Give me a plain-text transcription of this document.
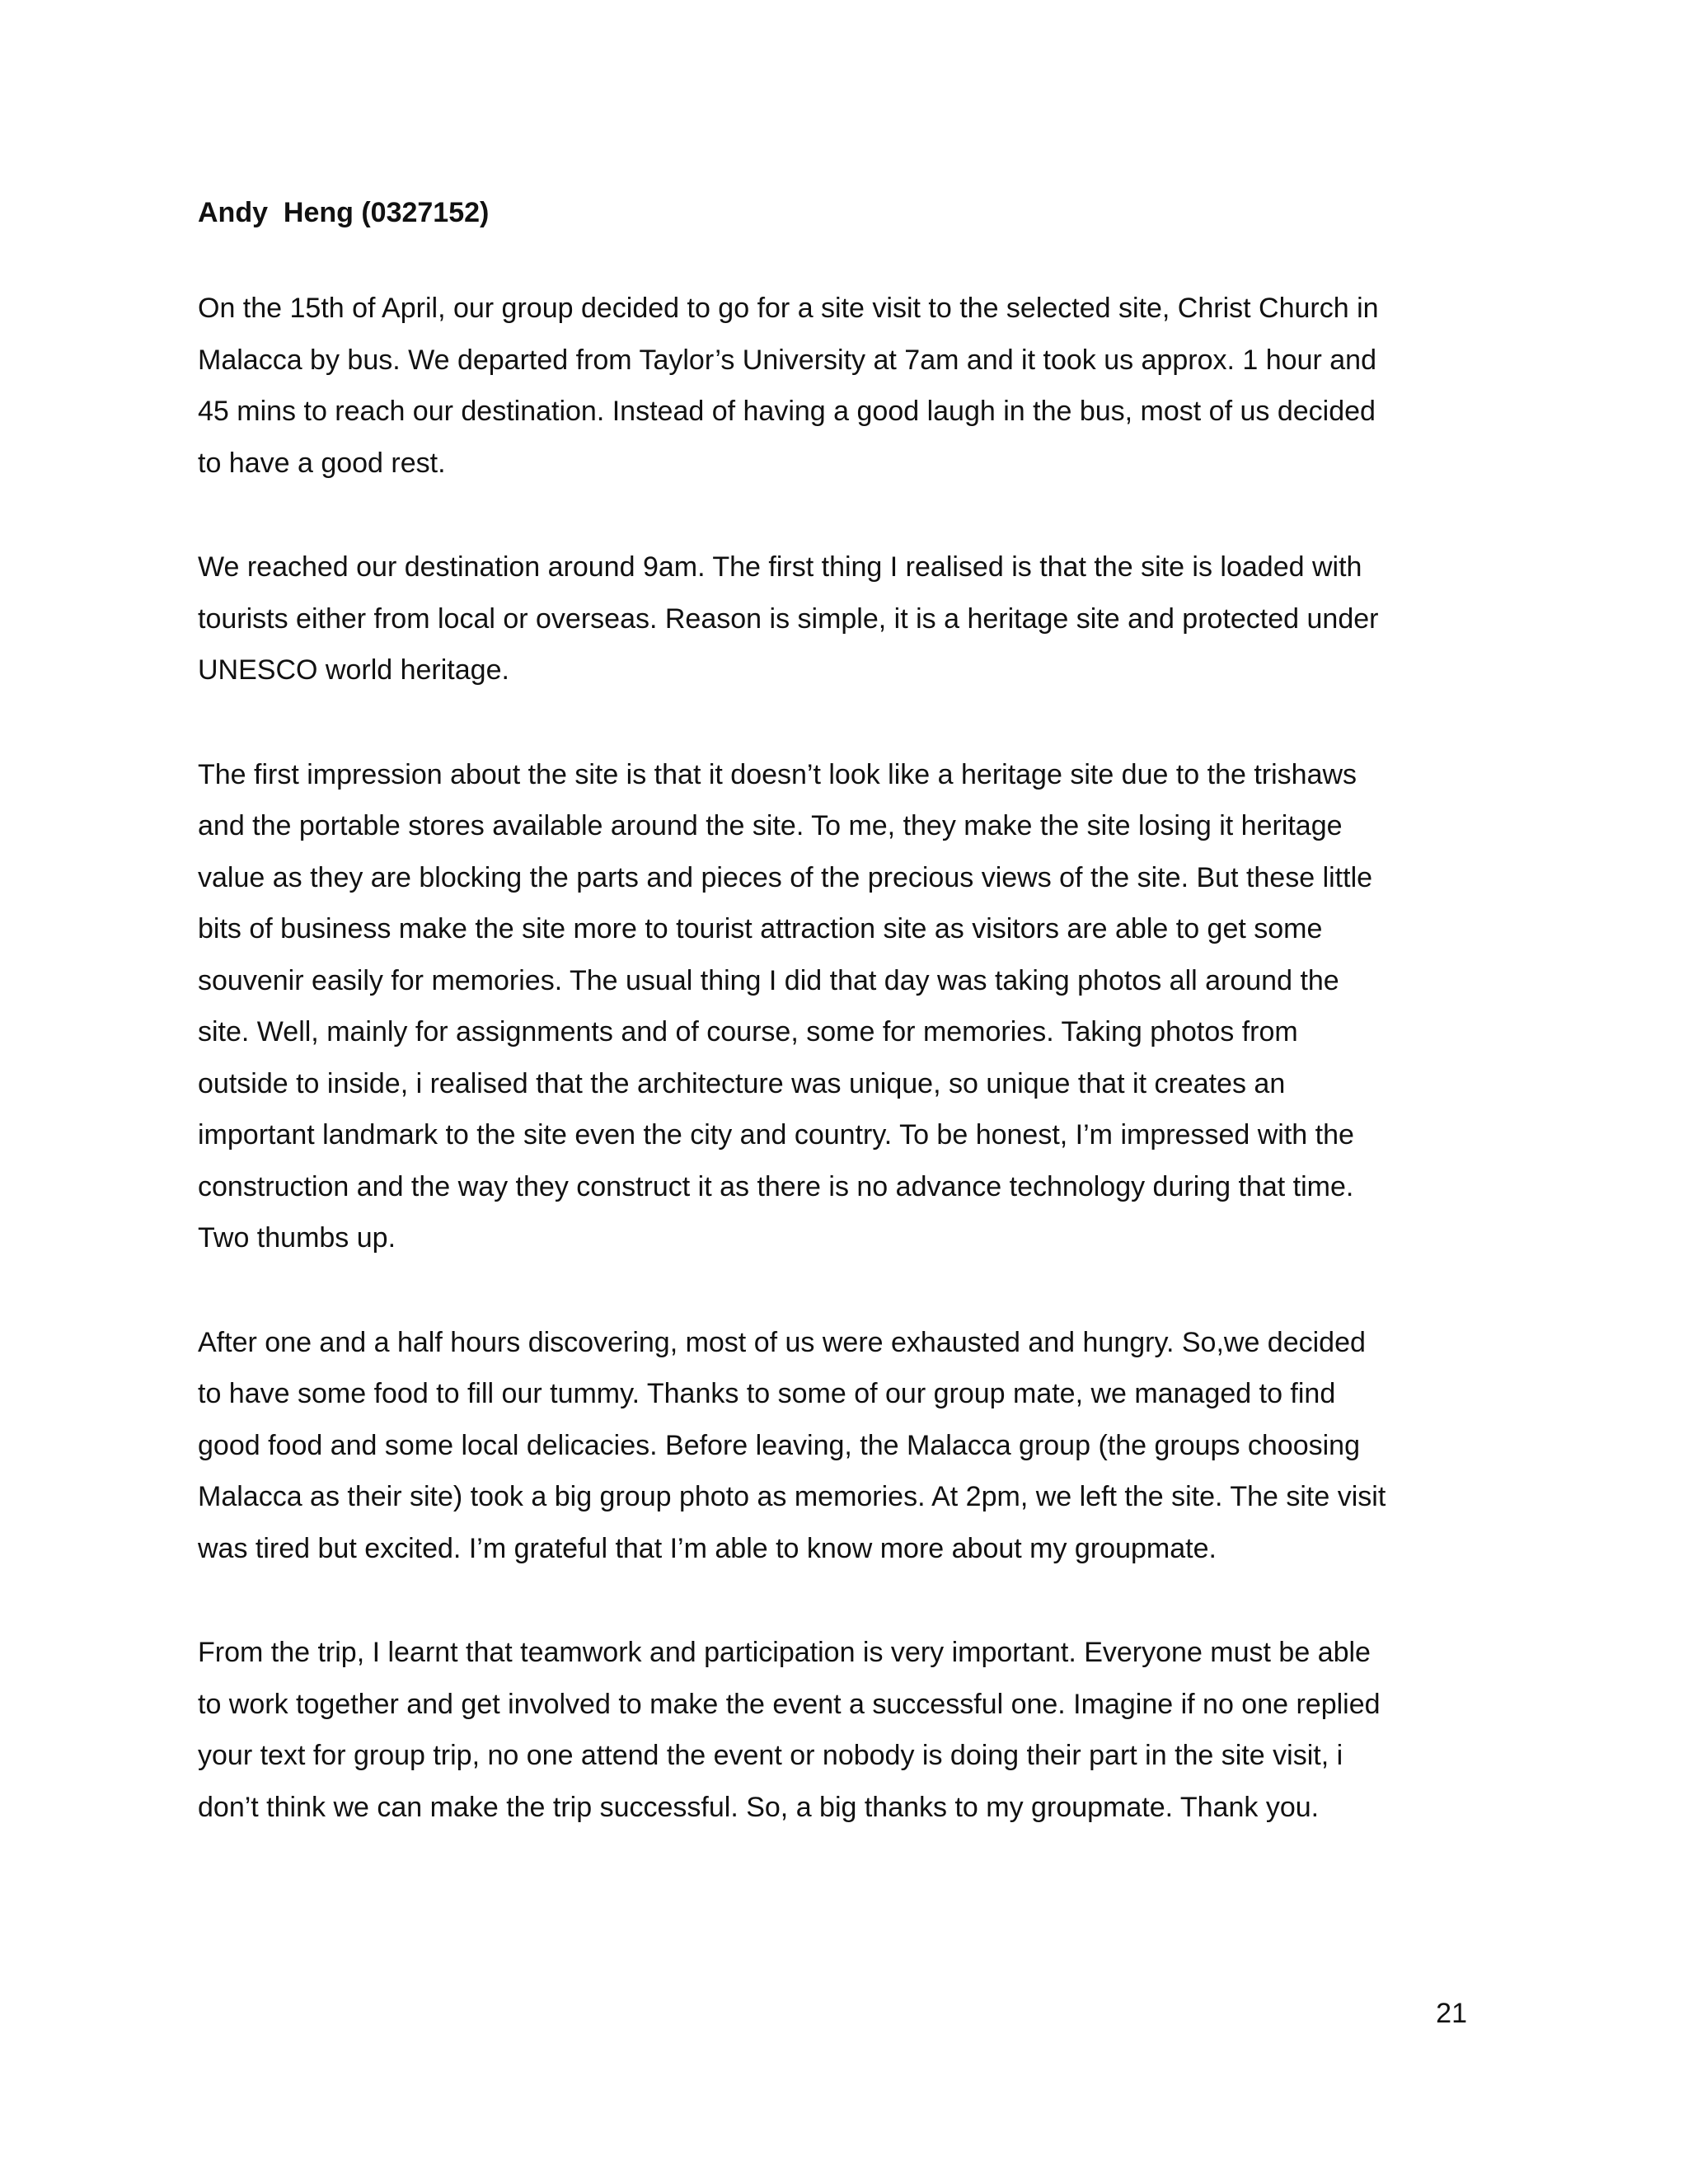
Andy  Heng (0327152)
On the 15th of April, our group decided to go for a site visit to the selected site, Christ Church in
Malacca by bus. We departed from Taylor’s University at 7am and it took us approx. 1 hour and
45 mins to reach our destination. Instead of having a good laugh in the bus, most of us decided
to have a good rest.
We reached our destination around 9am. The first thing I realised is that the site is loaded with
tourists either from local or overseas. Reason is simple, it is a heritage site and protected under
UNESCO world heritage.
The first impression about the site is that it doesn’t look like a heritage site due to the trishaws
and the portable stores available around the site. To me, they make the site losing it heritage
value as they are blocking the parts and pieces of the precious views of the site. But these little
bits of business make the site more to tourist attraction site as visitors are able to get some
souvenir easily for memories. The usual thing I did that day was taking photos all around the
site. Well, mainly for assignments and of course, some for memories. Taking photos from
outside to inside, i realised that the architecture was unique, so unique that it creates an
important landmark to the site even the city and country. To be honest, I’m impressed with the
construction and the way they construct it as there is no advance technology during that time.
Two thumbs up.
After one and a half hours discovering, most of us were exhausted and hungry. So,we decided
to have some food to fill our tummy. Thanks to some of our group mate, we managed to find
good food and some local delicacies. Before leaving, the Malacca group (the groups choosing
Malacca as their site) took a big group photo as memories. At 2pm, we left the site. The site visit
was tired but excited. I’m grateful that I’m able to know more about my groupmate.
From the trip, I learnt that teamwork and participation is very important. Everyone must be able
to work together and get involved to make the event a successful one. Imagine if no one replied
your text for group trip, no one attend the event or nobody is doing their part in the site visit, i
don’t think we can make the trip successful. So, a big thanks to my groupmate. Thank you.
21
